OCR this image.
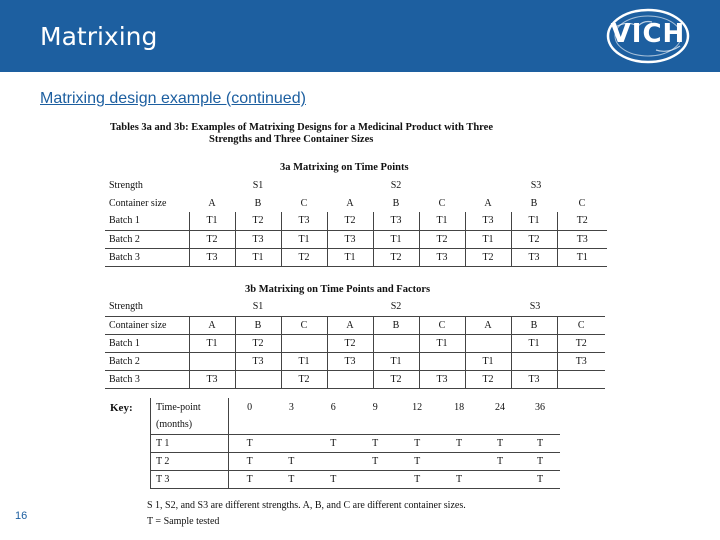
Matrixing	VICH
Matrixing design example (continued)
Tables 3a and 3b: Examples of Matrixing Designs for a Medicinal Product with Three
Strengths and Three Container Sizes
3a Matrixing on Time Points
Strength	S1			S2			S3		
Container size	A	B	C	A	B	C	A	B	C
Batch 1	T1	T2	T3	T2	T3	T1	T3	T1	T2
Batch 2	T2	T3	T1	T3	T1	T2	T1	T2	T3
Batch 3	T3	T1	T2	T1	T2	T3	T2	T3	T1
3b Matrixing on Time Points and Factors
Strength	S1			S2			S3		
Container size	A	B	C	A	B	C	A	B	C
Batch 1	T1	T2		T2		T1		T1	T2
Batch 2		T3	T1	T3	T1		T1		T3
Batch 3	T3		T2		T2	T3	T2	T3	
Key: Time-point	0	3	6	9	12	18	24	36
(months)								
T 1	T		T	T	T	T	T	T
T 2	T	T		T	T		T	T
T 3	T	T	T		T	T		T
S 1, S2, and S3 are different strengths. A, B, and C are different container sizes.
T = Sample tested
16
